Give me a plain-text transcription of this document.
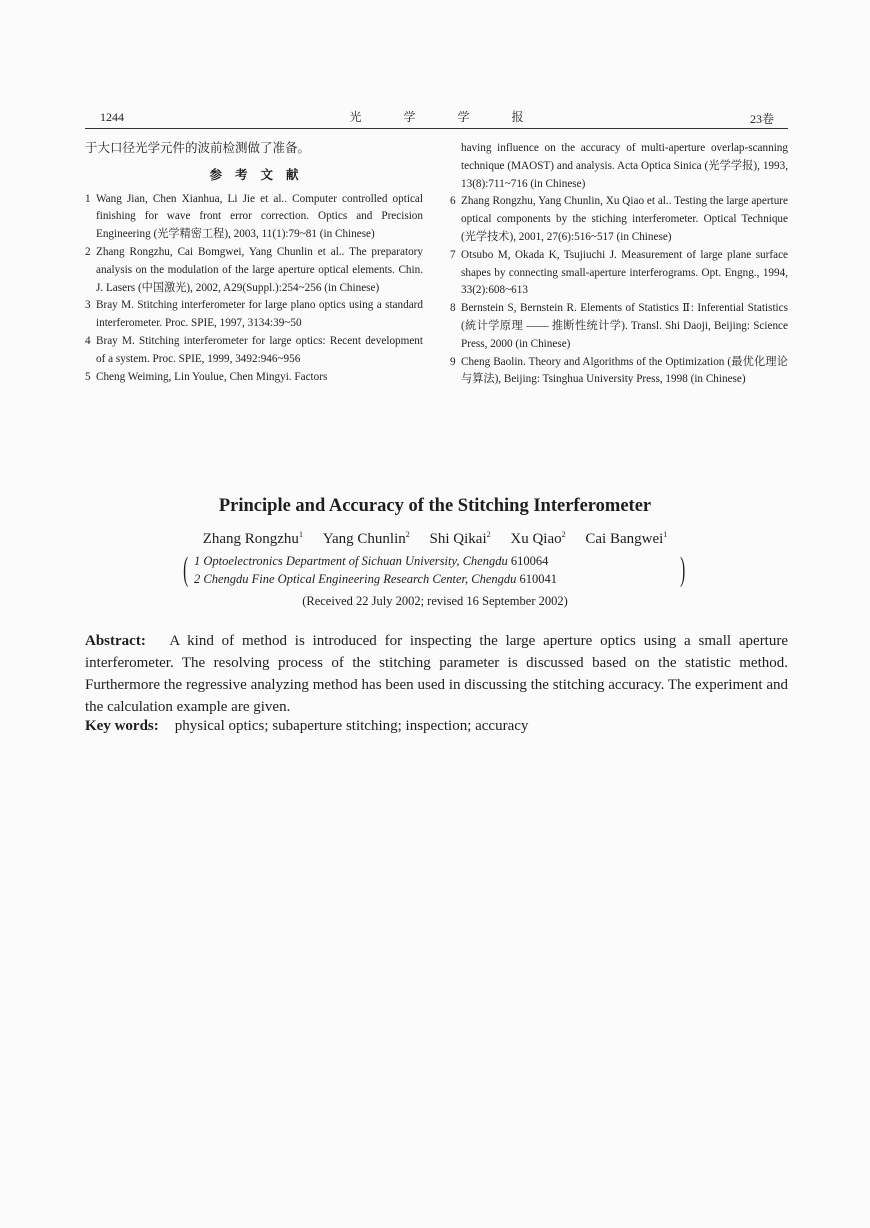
1244	光学学报	23卷
于大口径光学元件的波前检测做了准备。
参考文献
1 Wang Jian, Chen Xianhua, Li Jie et al.. Computer controlled optical finishing for wave front error correction. Optics and Precision Engineering (光学精密工程), 2003, 11(1):79~81 (in Chinese)
2 Zhang Rongzhu, Cai Bomgwei, Yang Chunlin et al.. The preparatory analysis on the modulation of the large aperture optical elements. Chin. J. Lasers (中国激光), 2002, A29(Suppl.):254~256 (in Chinese)
3 Bray M. Stitching interferometer for large plano optics using a standard interferometer. Proc. SPIE, 1997, 3134:39~50
4 Bray M. Stitching interferometer for large optics: Recent development of a system. Proc. SPIE, 1999, 3492:946~956
5 Cheng Weiming, Lin Youlue, Chen Mingyi. Factors
having influence on the accuracy of multi-aperture overlap-scanning technique (MAOST) and analysis. Acta Optica Sinica (光学学报), 1993, 13(8):711~716 (in Chinese)
6 Zhang Rongzhu, Yang Chunlin, Xu Qiao et al.. Testing the large aperture optical components by the stiching interferometer. Optical Technique (光学技术), 2001, 27(6):516~517 (in Chinese)
7 Otsubo M, Okada K, Tsujiuchi J. Measurement of large plane surface shapes by connecting small-aperture interferograms. Opt. Engng., 1994, 33(2):608~613
8 Bernstein S, Bernstein R. Elements of Statistics Ⅱ: Inferential Statistics (統计学原理 —— 推断性统计学). Transl. Shi Daoji, Beijing: Science Press, 2000 (in Chinese)
9 Cheng Baolin. Theory and Algorithms of the Optimization (最优化理论与算法), Beijing: Tsinghua University Press, 1998 (in Chinese)
Principle and Accuracy of the Stitching Interferometer
Zhang Rongzhu$^1$ Yang Chunlin$^2$ Shi Qikai$^2$ Xu Qiao$^2$ Cai Bangwei$^1$
( 1 Optoelectronics Department of Sichuan University, Chengdu 610064
2 Chengdu Fine Optical Engineering Research Center, Chengdu 610041	)
(Received 22 July 2002; revised 16 September 2002)
Abstract: A kind of method is introduced for inspecting the large aperture optics using a small aperture interferometer. The resolving process of the stitching parameter is discussed based on the statistic method. Furthermore the regressive analyzing method has been used in discussing the stitching accuracy. The experiment and the calculation example are given.
Key words: physical optics; subaperture stitching; inspection; accuracy
